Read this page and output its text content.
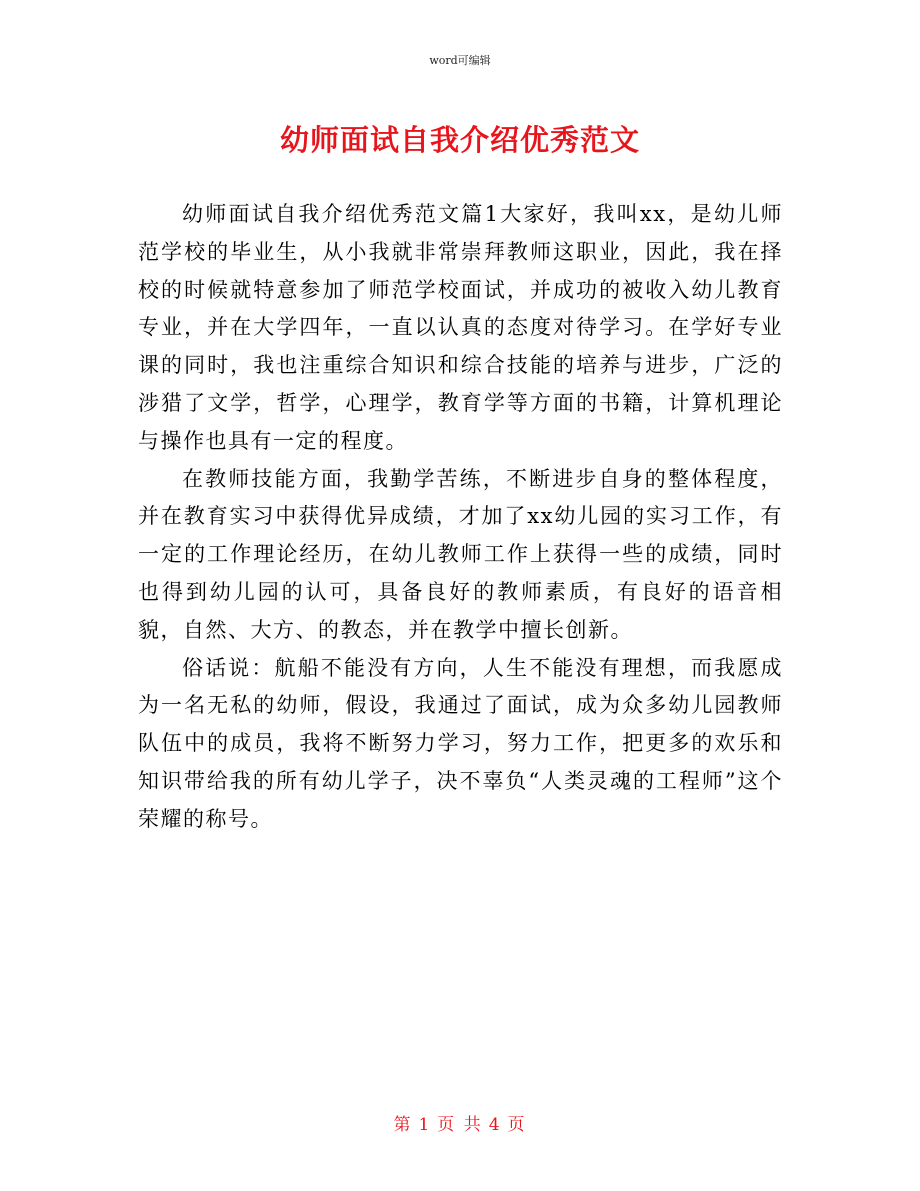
word可编辑
幼师面试自我介绍优秀范文

幼师面试自我介绍优秀范文篇1大家好，我叫xx，是幼儿师范学校的毕业生，从小我就非常崇拜教师这职业，因此，我在择校的时候就特意参加了师范学校面试，并成功的被收入幼儿教育专业，并在大学四年，一直以认真的态度对待学习。在学好专业课的同时，我也注重综合知识和综合技能的培养与进步，广泛的涉猎了文学，哲学，心理学，教育学等方面的书籍，计算机理论与操作也具有一定的程度。

在教师技能方面，我勤学苦练，不断进步自身的整体程度，并在教育实习中获得优异成绩，才加了xx幼儿园的实习工作，有一定的工作理论经历，在幼儿教师工作上获得一些的成绩，同时也得到幼儿园的认可，具备良好的教师素质，有良好的语音相貌，自然、大方、的教态，并在教学中擅长创新。

俗话说：航船不能没有方向，人生不能没有理想，而我愿成为一名无私的幼师，假设，我通过了面试，成为众多幼儿园教师队伍中的成员，我将不断努力学习，努力工作，把更多的欢乐和知识带给我的所有幼儿学子，决不辜负“人类灵魂的工程师”这个荣耀的称号。

第 1 页 共 4 页
